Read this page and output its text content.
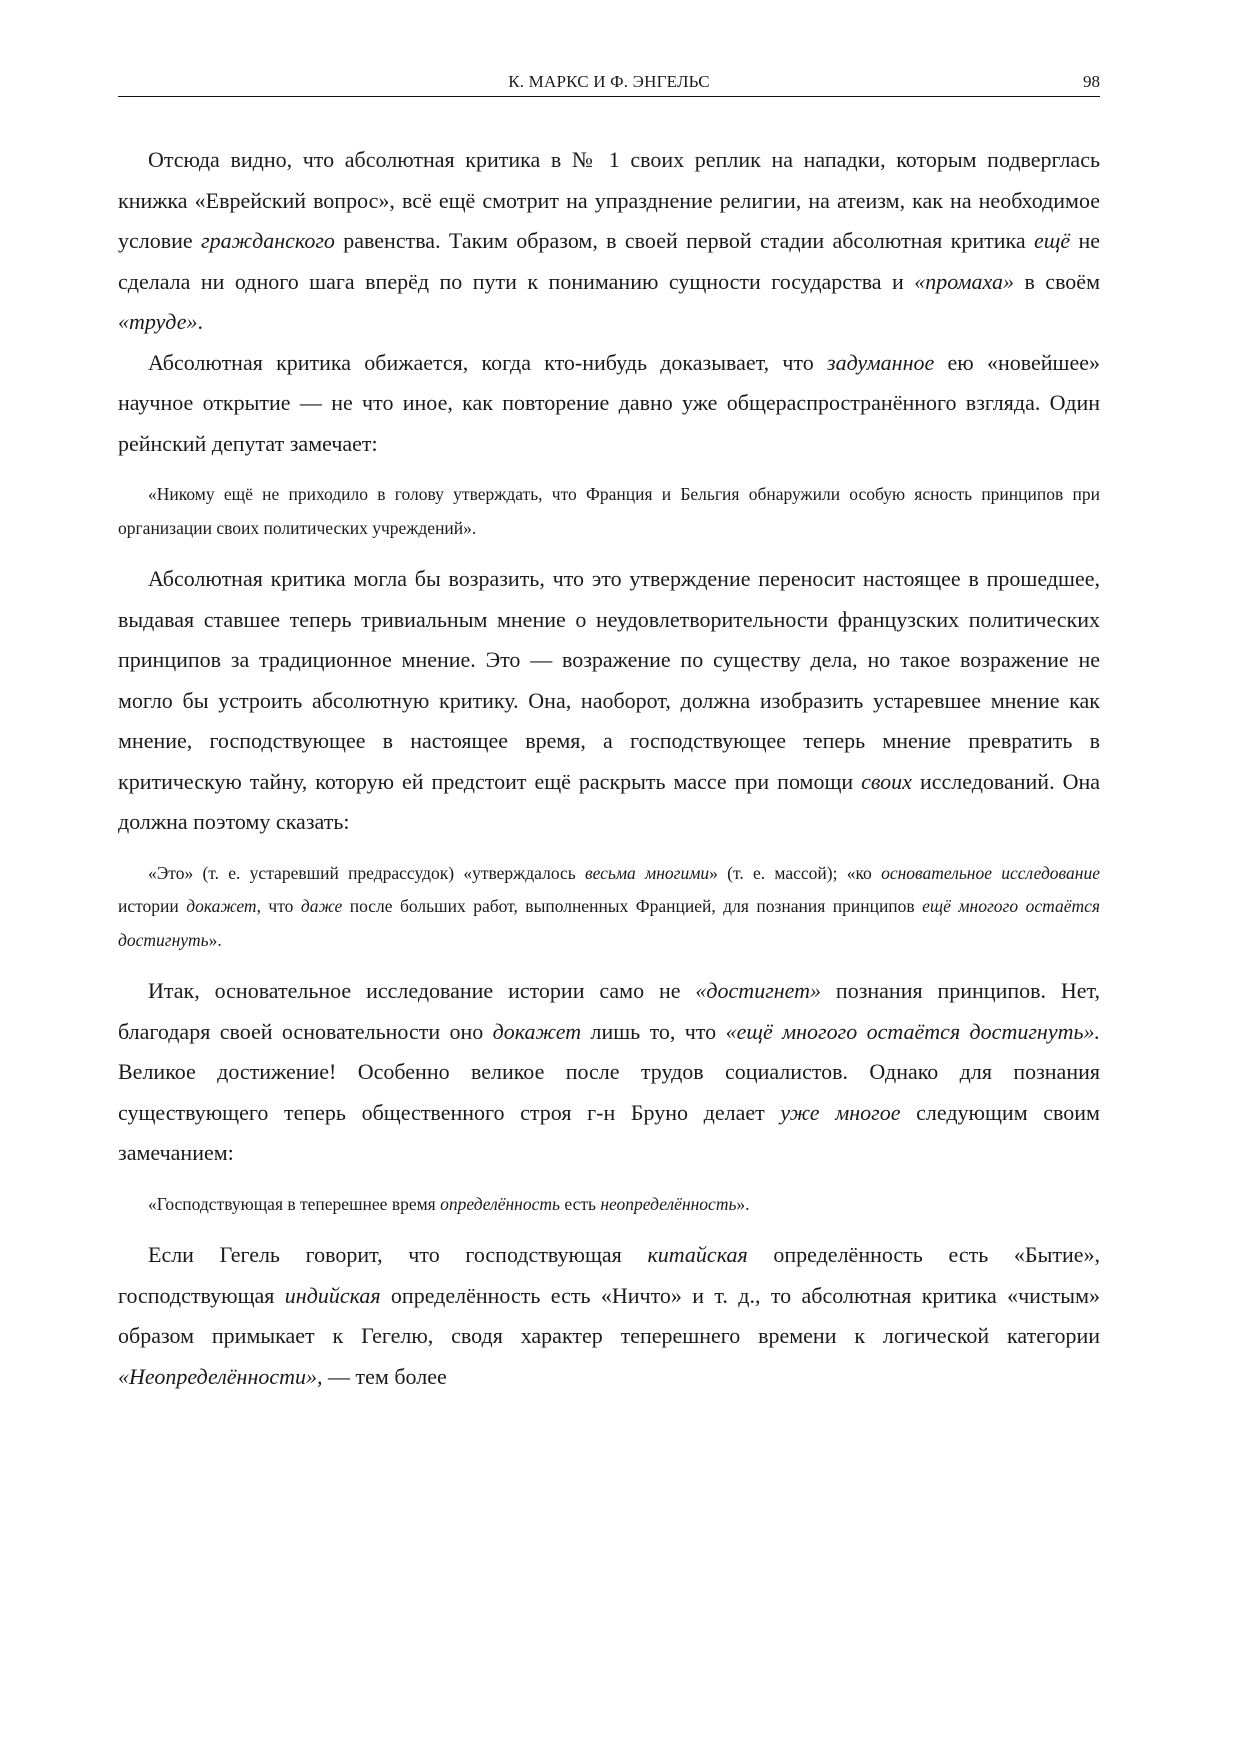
К. МАРКС И Ф. ЭНГЕЛЬС	98

Отсюда видно, что абсолютная критика в № 1 своих реплик на нападки, которым подверглась книжка «Еврейский вопрос», всё ещё смотрит на упразднение религии, на атеизм, как на необходимое условие гражданского равенства. Таким образом, в своей первой стадии абсолютная критика ещё не сделала ни одного шага вперёд по пути к пониманию сущности государства и «промаха» в своём «труде».

Абсолютная критика обижается, когда кто-нибудь доказывает, что задуманное ею «новейшее» научное открытие — не что иное, как повторение давно уже общераспространённого взгляда. Один рейнский депутат замечает:

«Никому ещё не приходило в голову утверждать, что Франция и Бельгия обнаружили особую ясность принципов при организации своих политических учреждений».

Абсолютная критика могла бы возразить, что это утверждение переносит настоящее в прошедшее, выдавая ставшее теперь тривиальным мнение о неудовлетворительности французских политических принципов за традиционное мнение. Это — возражение по существу дела, но такое возражение не могло бы устроить абсолютную критику. Она, наоборот, должна изобразить устаревшее мнение как мнение, господствующее в настоящее время, а господствующее теперь мнение превратить в критическую тайну, которую ей предстоит ещё раскрыть массе при помощи своих исследований. Она должна поэтому сказать:

«Это» (т. е. устаревший предрассудок) «утверждалось весьма многими» (т. е. массой); «ко основательное исследование истории докажет, что даже после больших работ, выполненных Францией, для познания принципов ещё многого остаётся достигнуть».

Итак, основательное исследование истории само не «достигнет» познания принципов. Нет, благодаря своей основательности оно докажет лишь то, что «ещё многого остаётся достигнуть». Великое достижение! Особенно великое после трудов социалистов. Однако для познания существующего теперь общественного строя г-н Бруно делает уже многое следующим своим замечанием:

«Господствующая в теперешнее время определённость есть неопределённость».

Если Гегель говорит, что господствующая китайская определённость есть «Бытие», господствующая индийская определённость есть «Ничто» и т. д., то абсолютная критика «чистым» образом примыкает к Гегелю, сводя характер теперешнего времени к логической категории «Неопределённости», — тем более
